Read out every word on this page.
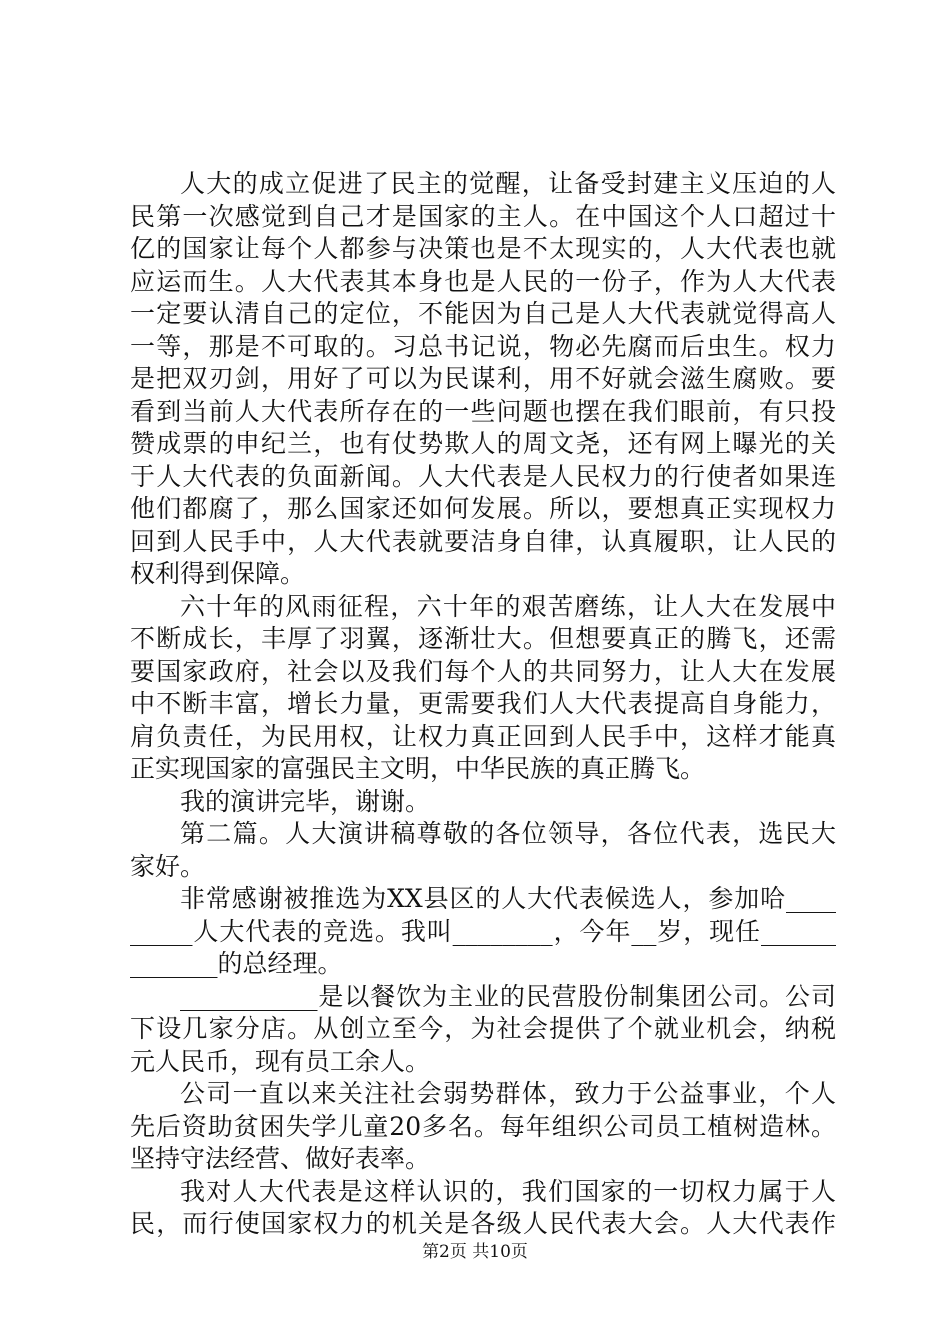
人大的成立促进了民主的觉醒，让备受封建主义压迫的人
民第一次感觉到自己才是国家的主人。在中国这个人口超过十
亿的国家让每个人都参与决策也是不太现实的，人大代表也就
应运而生。人大代表其本身也是人民的一份子，作为人大代表
一定要认清自己的定位，不能因为自己是人大代表就觉得高人
一等，那是不可取的。习总书记说，物必先腐而后虫生。权力
是把双刃剑，用好了可以为民谋利，用不好就会滋生腐败。要
看到当前人大代表所存在的一些问题也摆在我们眼前，有只投
赞成票的申纪兰，也有仗势欺人的周文尧，还有网上曝光的关
于人大代表的负面新闻。人大代表是人民权力的行使者如果连
他们都腐了，那么国家还如何发展。所以，要想真正实现权力
回到人民手中，人大代表就要洁身自律，认真履职，让人民的
权利得到保障。
六十年的风雨征程，六十年的艰苦磨练，让人大在发展中
不断成长，丰厚了羽翼，逐渐壮大。但想要真正的腾飞，还需
要国家政府，社会以及我们每个人的共同努力，让人大在发展
中不断丰富，增长力量，更需要我们人大代表提高自身能力，
肩负责任，为民用权，让权力真正回到人民手中，这样才能真
正实现国家的富强民主文明，中华民族的真正腾飞。
我的演讲完毕，谢谢。
第二篇。人大演讲稿尊敬的各位领导，各位代表，选民大
家好。
非常感谢被推选为XX县区的人大代表候选人，参加哈____
_____人大代表的竞选。我叫________，今年__岁，现任______
_______的总经理。
___________是以餐饮为主业的民营股份制集团公司。公司
下设几家分店。从创立至今，为社会提供了个就业机会，纳税
元人民币，现有员工余人。
公司一直以来关注社会弱势群体，致力于公益事业，个人
先后资助贫困失学儿童20多名。每年组织公司员工植树造林。
坚持守法经营、做好表率。
我对人大代表是这样认识的，我们国家的一切权力属于人
民，而行使国家权力的机关是各级人民代表大会。人大代表作
第2页 共10页
